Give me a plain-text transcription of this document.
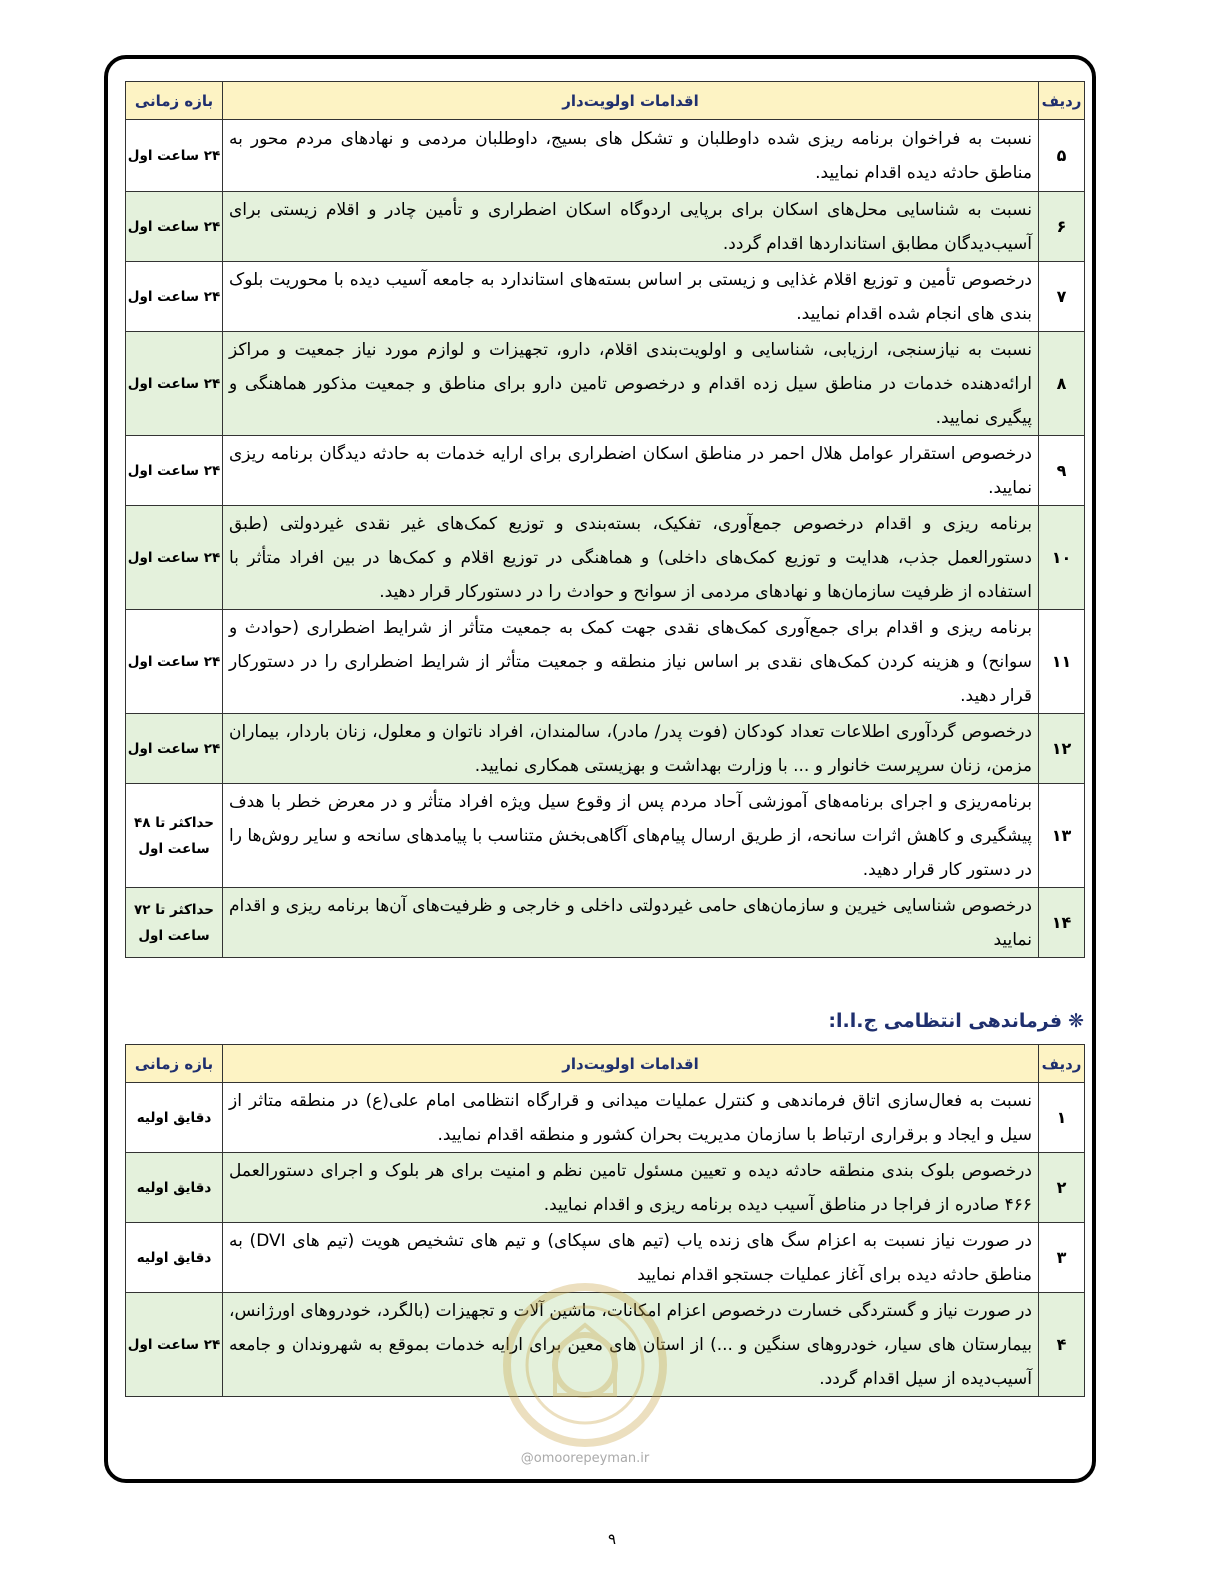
ردیف	اقدامات اولویت‌دار	بازه زمانی
۵	نسبت به فراخوان برنامه ریزی شده داوطلبان و تشکل های بسیج، داوطلبان مردمی و نهادهای مردم محور به مناطق حادثه دیده اقدام نمایید.	۲۴ ساعت اول
۶	نسبت به شناسایی محل‌های اسکان برای برپایی اردوگاه اسکان اضطراری و تأمین چادر و اقلام زیستی برای آسیب‌دیدگان مطابق استانداردها اقدام گردد.	۲۴ ساعت اول
۷	درخصوص تأمین و توزیع اقلام غذایی و زیستی بر اساس بسته‌های استاندارد به جامعه آسیب دیده با محوریت بلوک بندی های انجام شده اقدام نمایید.	۲۴ ساعت اول
۸	نسبت به نیازسنجی، ارزیابی، شناسایی و اولویت‌بندی اقلام، دارو، تجهیزات و لوازم مورد نیاز جمعیت و مراکز ارائه‌دهنده خدمات در مناطق سیل زده اقدام و درخصوص تامین دارو برای مناطق و جمعیت مذکور هماهنگی و پیگیری نمایید.	۲۴ ساعت اول
۹	درخصوص استقرار عوامل هلال احمر در مناطق اسکان اضطراری برای ارایه خدمات به حادثه دیدگان برنامه ریزی نمایید.	۲۴ ساعت اول
۱۰	برنامه ریزی و اقدام درخصوص جمع‌آوری، تفکیک، بسته‌بندی و توزیع کمک‌های غیر نقدی غیردولتی (طبق دستورالعمل جذب، هدایت و توزیع کمک‌های داخلی) و هماهنگی در توزیع اقلام و کمک‌ها در بین افراد متأثر با استفاده از ظرفیت سازمان‌ها و نهادهای مردمی از سوانح و حوادث را در دستورکار قرار دهید.	۲۴ ساعت اول
۱۱	برنامه ریزی و اقدام برای جمع‌آوری کمک‌های نقدی جهت کمک به جمعیت متأثر از شرایط اضطراری (حوادث و سوانح) و هزینه کردن کمک‌های نقدی بر اساس نیاز منطقه و جمعیت متأثر از شرایط اضطراری را در دستورکار قرار دهید.	۲۴ ساعت اول
۱۲	درخصوص گردآوری اطلاعات تعداد کودکان (فوت پدر/ مادر)، سالمندان، افراد ناتوان و معلول، زنان باردار، بیماران مزمن، زنان سرپرست خانوار و ... با وزارت بهداشت و بهزیستی همکاری نمایید.	۲۴ ساعت اول
۱۳	برنامه‌ریزی و اجرای برنامه‌های آموزشی آحاد مردم پس از وقوع سیل ویژه افراد متأثر و در معرض خطر با هدف پیشگیری و کاهش اثرات سانحه، از طریق ارسال پیام‌های آگاهی‌بخش متناسب با پیامدهای سانحه و سایر روش‌ها را در دستور کار قرار دهید.	حداکثر تا ۴۸ ساعت اول
۱۴	درخصوص شناسایی خیرین و سازمان‌های حامی غیردولتی داخلی و خارجی و ظرفیت‌های آن‌ها برنامه ریزی و اقدام نمایید	حداکثر تا ۷۲ ساعت اول
❋فرماندهی انتظامی ج.ا.ا:
ردیف	اقدامات اولویت‌دار	بازه زمانی
۱	نسبت به فعال‌سازی اتاق فرماندهی و کنترل عملیات میدانی و قرارگاه انتظامی امام علی(ع) در منطقه متاثر از سیل و ایجاد و برقراری ارتباط با سازمان مدیریت بحران کشور و منطقه اقدام نمایید.	دقایق اولیه
۲	درخصوص بلوک بندی منطقه حادثه دیده و تعیین مسئول تامین نظم و امنیت برای هر بلوک و اجرای دستورالعمل ۴۶۶ صادره از فراجا در مناطق آسیب دیده برنامه ریزی و اقدام نمایید.	دقایق اولیه
۳	در صورت نیاز نسبت به اعزام سگ های زنده یاب (تیم های سپکای) و تیم های تشخیص هویت (تیم های DVI) به مناطق حادثه دیده برای آغاز عملیات جستجو اقدام نمایید	دقایق اولیه
۴	در صورت نیاز و گستردگی خسارت درخصوص اعزام امکانات، ماشین آلات و تجهیزات (بالگرد، خودروهای اورژانس، بیمارستان های سیار، خودروهای سنگین و ...) از استان های معین برای ارایه خدمات بموقع به شهروندان و جامعه آسیب‌دیده از سیل اقدام گردد.	۲۴ ساعت اول
@omoorepeyman.ir
۹
